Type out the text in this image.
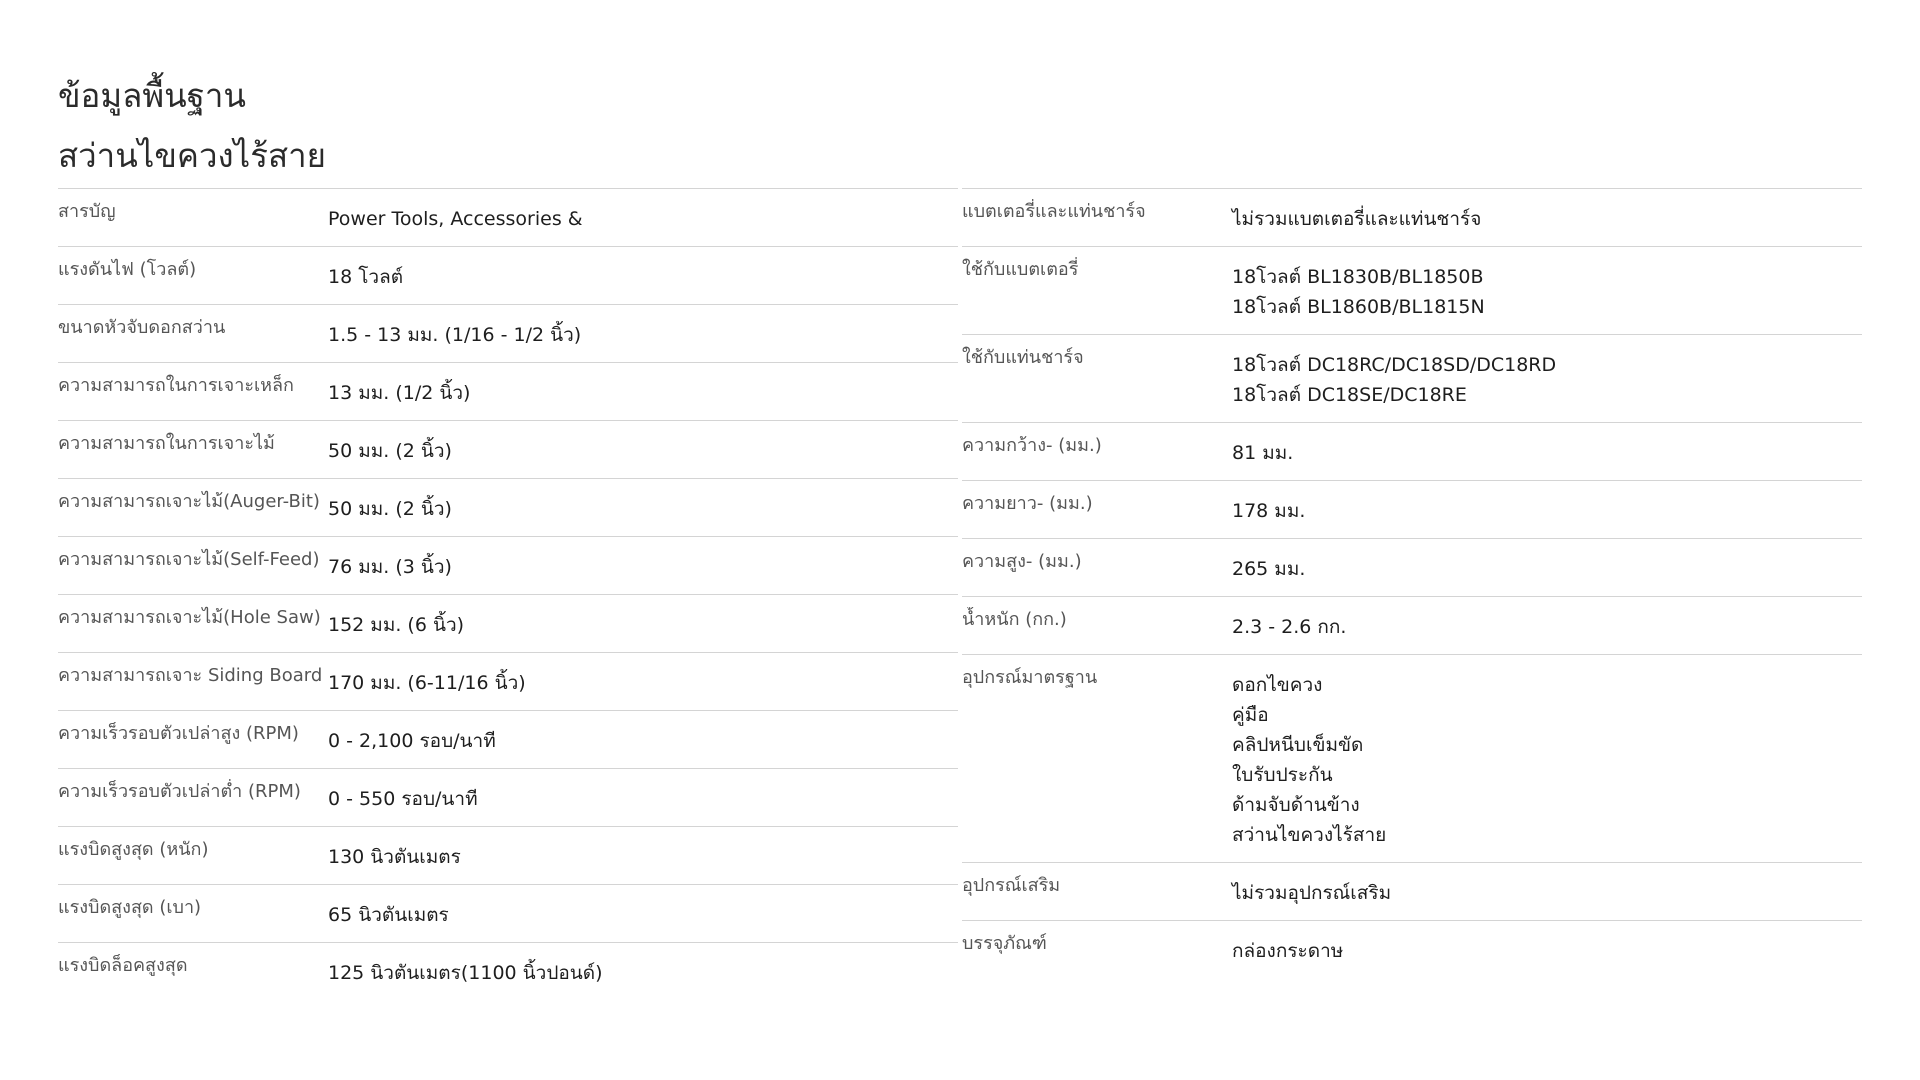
ข้อมูลพื้นฐาน
สว่านไขควงไร้สาย
สารบัญ	Power Tools, Accessories &
แรงดันไฟ (โวลต์)	18 โวลต์
ขนาดหัวจับดอกสว่าน	1.5 - 13 มม. (1/16 - 1/2 นิ้ว)
ความสามารถในการเจาะเหล็ก	13 มม. (1/2 นิ้ว)
ความสามารถในการเจาะไม้	50 มม. (2 นิ้ว)
ความสามารถเจาะไม้(Auger-Bit) 50 มม. (2 นิ้ว)
ความสามารถเจาะไม้(Self-Feed) 76 มม. (3 นิ้ว)
ความสามารถเจาะไม้(Hole Saw) 152 มม. (6 นิ้ว)
ความสามารถเจาะ Siding Board 170 มม. (6-11/16 นิ้ว)
ความเร็วรอบตัวเปล่าสูง (RPM)	0 - 2,100 รอบ/นาที
ความเร็วรอบตัวเปล่าต่ำ (RPM)	0 - 550 รอบ/นาที
แรงบิดสูงสุด (หนัก)	130 นิวตันเมตร
แรงบิดสูงสุด (เบา)	65 นิวตันเมตร
แรงบิดล็อคสูงสุด	125 นิวตันเมตร(1100 นิ้วปอนด์)
แบตเตอรี่และแท่นชาร์จ	ไม่รวมแบตเตอรี่และแท่นชาร์จ
ใช้กับแบตเตอรี่	18โวลต์ BL1830B/BL1850B
18โวลต์ BL1860B/BL1815N
ใช้กับแท่นชาร์จ	18โวลต์ DC18RC/DC18SD/DC18RD
18โวลต์ DC18SE/DC18RE
ความกว้าง- (มม.)	81 มม.
ความยาว- (มม.)	178 มม.
ความสูง- (มม.)	265 มม.
น้ำหนัก (กก.)	2.3 - 2.6 กก.
อุปกรณ์มาตรฐาน	ดอกไขควง
คู่มือ
คลิปหนีบเข็มขัด
ใบรับประกัน
ด้ามจับด้านข้าง
สว่านไขควงไร้สาย
อุปกรณ์เสริม	ไม่รวมอุปกรณ์เสริม
บรรจุภัณฑ์	กล่องกระดาษ
